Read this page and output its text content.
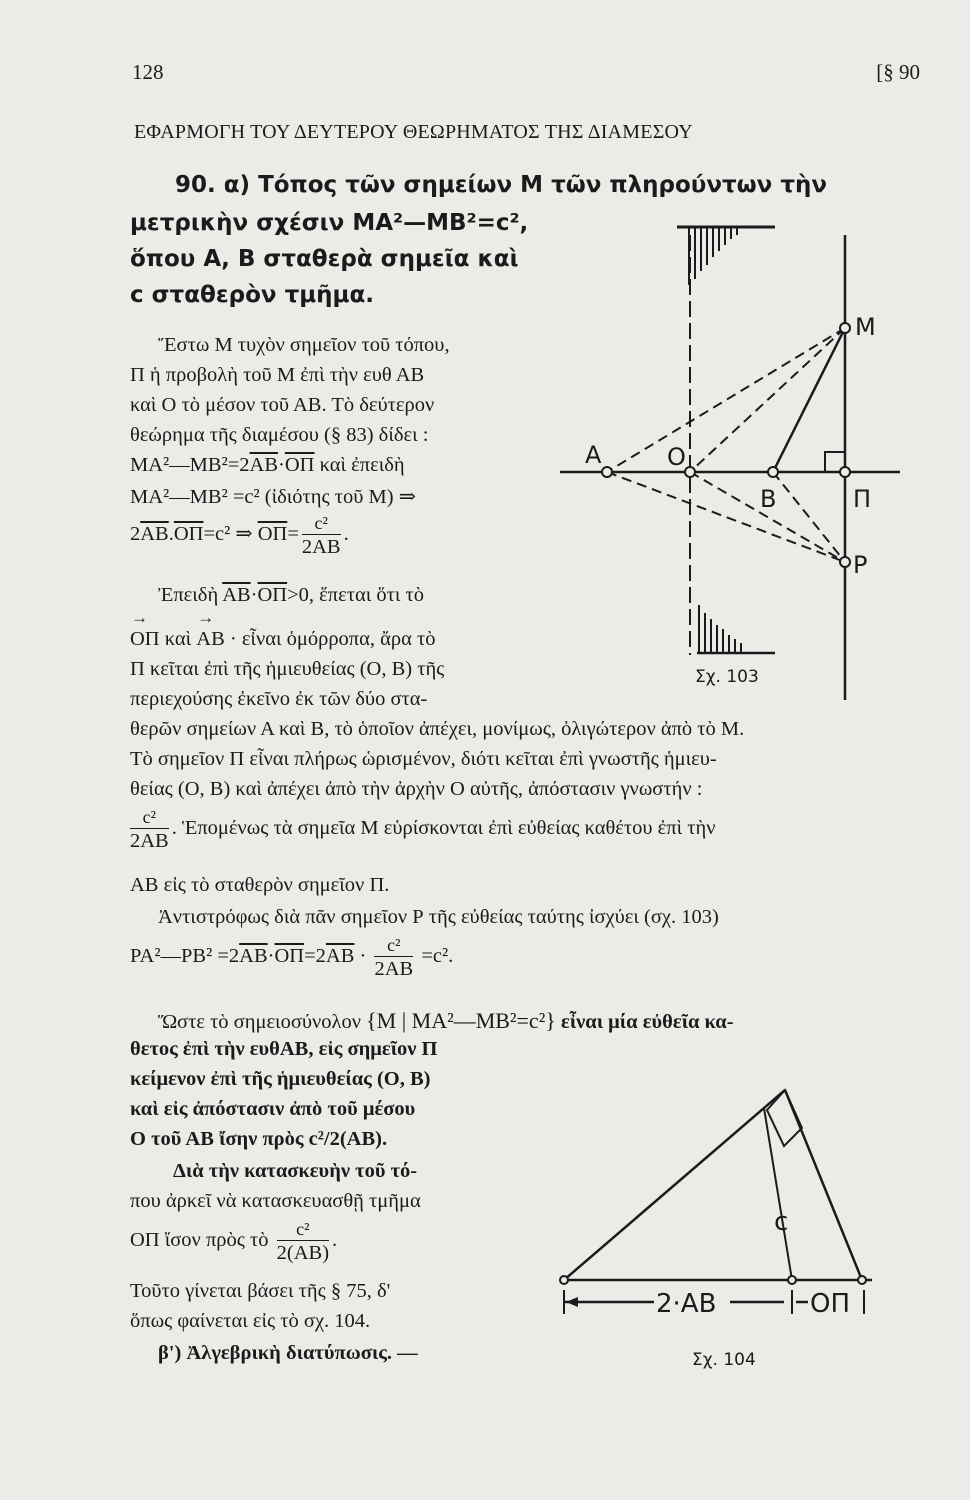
128	[§ 90
ΕΦΑΡΜΟΓΗ ΤΟΥ ΔΕΥΤΕΡΟΥ ΘΕΩΡΗΜΑΤΟΣ ΤΗΣ ΔΙΑΜΕΣΟΥ
90. α) Τόπος τῶν σημείων Μ τῶν πληρούντων τὴν
μετρικὴν σχέσιν ΜΑ²—ΜΒ²=c²,
ὅπου Α, Β σταθερὰ σημεῖα καὶ
c σταθερὸν τμῆμα.
Ἔστω Μ τυχὸν σημεῖον τοῦ τόπου,
Π ἡ προβολὴ τοῦ Μ ἐπὶ τὴν ευθ ΑΒ
καὶ Ο τὸ μέσον τοῦ ΑΒ. Τὸ δεύτερον
θεώρημα τῆς διαμέσου (§ 83) δίδει :
$MA^2—MB^2=2\overline{AB}\cdot\overline{O\Pi}$ καὶ ἐπειδὴ
ΜΑ²—ΜΒ² =c² (ἰδιότης τοῦ Μ) ⇒
$2\overline{AB}.\overline{O\Pi}=c^2$ ⇒ $\overline{O\Pi}= \frac{\text{c²}}{2AB}$ .
Ἐπειδὴ $\overline{AB}\cdot\overline{O\Pi}>0$, ἕπεται ὅτι τὸ
→ ΟΠ καὶ → ΑΒ · εἶναι ὁμόρροπα, ἄρα τὸ
Π κεῖται ἐπὶ τῆς ἡμιευθείας (Ο, Β) τῆς
περιεχούσης ἐκεῖνο ἐκ τῶν δύο στα-
θερῶν σημείων Α καὶ Β, τὸ ὁποῖον ἀπέχει, μονίμως, ὀλιγώτερον ἀπὸ τὸ Μ.
Τὸ σημεῖον Π εἶναι πλήρως ὡρισμένον, διότι κεῖται ἐπὶ γνωστῆς ἡμιευ-
θείας (Ο, Β) καὶ ἀπέχει ἀπὸ τὴν ἀρχὴν Ο αὐτῆς, ἀπόστασιν γνωστήν :
$\frac{\text{c²}}{2AB}$ . Ἑπομένως τὰ σημεῖα Μ εὑρίσκονται ἐπὶ εὐθείας καθέτου ἐπὶ τὴν
ΑΒ εἰς τὸ σταθερὸν σημεῖον Π.
Ἀντιστρόφως διὰ πᾶν σημεῖον Ρ τῆς εὐθείας ταύτης ἰσχύει (σχ. 103)
ΡΑ²—ΡΒ² $=2\overline{AB}\cdot\overline{O\Pi}=2\overline{AB} \cdot \frac{\text{c²}}{2AB} =c^2$.
Ὥστε τὸ σημειοσύνολον {Μ | ΜΑ²—ΜΒ²=c²} εἶναι μία εὐθεῖα κα-
θετος ἐπὶ τὴν ευθΑΒ, εἰς σημεῖον Π
κείμενον ἐπὶ τῆς ἡμιευθείας (Ο, Β)
καὶ εἰς ἀπόστασιν ἀπὸ τοῦ μέσου
Ο τοῦ ΑΒ ἴσην πρὸς c²/2(ΑΒ).
Διὰ τὴν κατασκευὴν τοῦ τό-
που ἀρκεῖ νὰ κατασκευασθῇ τμῆμα
ΟΠ ἴσον πρὸς τὸ $\frac{\text{c²}}{2(AB)}$ .
Τοῦτο γίνεται βάσει τῆς § 75, δ'
ὅπως φαίνεται εἰς τὸ σχ. 104.
β') Ἀλγεβρικὴ διατύπωσις. —
M
A	O
B	Π
P
Σχ. 103
c
2·AB	OΠ
Σχ. 104
